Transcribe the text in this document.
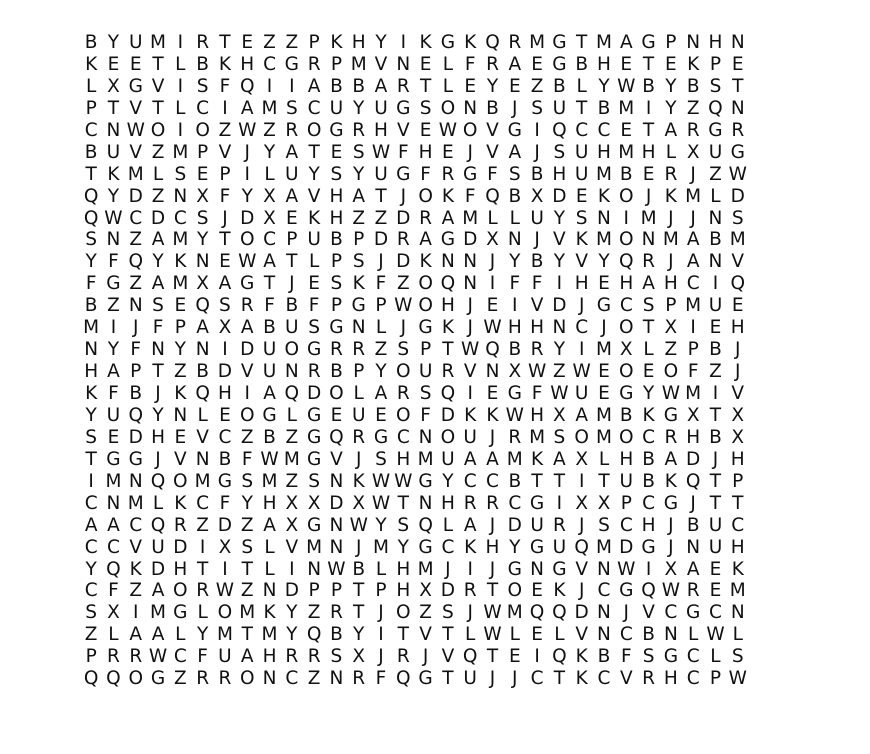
B Y U M I R T E Z Z P K H Y I K G K Q R M G T M A G P N H N
K E E T L B K H C G R P M V N E L F R A E G B H E T E K P E
L X G V I S F Q I I A B B A R T L E Y E Z B L Y W B Y B S T
P T V T L C I A M S C U Y U G S O N B J S U T B M I Y Z Q N
C N W O I O Z W Z R O G R H V E W O V G I Q C C E T A R G R
B U V Z M P V J Y A T E S W F H E J V A J S U H M H L X U G
T K M L S E P I L U Y S Y U G F R G F S B H U M B E R J Z W
Q Y D Z N X F Y X A V H A T J O K F Q B X D E K O J K M L D
Q W C D C S J D X E K H Z Z D R A M L L U Y S N I M J J N S
S N Z A M Y T O C P U B P D R A G D X N J V K M O N M A B M
Y F Q Y K N E W A T L P S J D K N N J Y B Y V Y Q R J A N V
F G Z A M X A G T J E S K F Z O Q N I F F I H E H A H C I Q
B Z N S E Q S R F B F P G P W O H J E I V D J G C S P M U E
M I J F P A X A B U S G N L J G K J W H H N C J O T X I E H
N Y F N Y N I D U O G R R Z S P T W Q B R Y I M X L Z P B J
H A P T Z B D V U N R B P Y O U R V N X W Z W E O E O F Z J
K F B J K Q H I A Q D O L A R S Q I E G F W U E G Y W M I V
Y U Q Y N L E O G L G E U E O F D K K W H X A M B K G X T X
S E D H E V C Z B Z G Q R G C N O U J R M S O M O C R H B X
T G G J V N B F W M G V J S H M U A A M K A X L H B A D J H
I M N Q O M G S M Z S N K W W G Y C C B T T I T U B K Q T P
C N M L K C F Y H X X D X W T N H R R C G I X X P C G J T T
A A C Q R Z D Z A X G N W Y S Q L A J D U R J S C H J B U C
C C V U D I X S L V M N J M Y G C K H Y G U Q M D G J N U H
Y Q K D H T I T L I N W B L H M J I J G N G V N W I X A E K
C F Z A O R W Z N D P P T P H X D R T O E K J C G Q W R E M
S X I M G L O M K Y Z R T J O Z S J W M Q Q D N J V C G C N
Z L A A L Y M T M Y Q B Y I T V T L W L E L V N C B N L W L
P R R W C F U A H R R S X J R J V Q T E I Q K B F S G C L S
Q Q O G Z R R O N C Z N R F Q G T U J J C T K C V R H C P W
